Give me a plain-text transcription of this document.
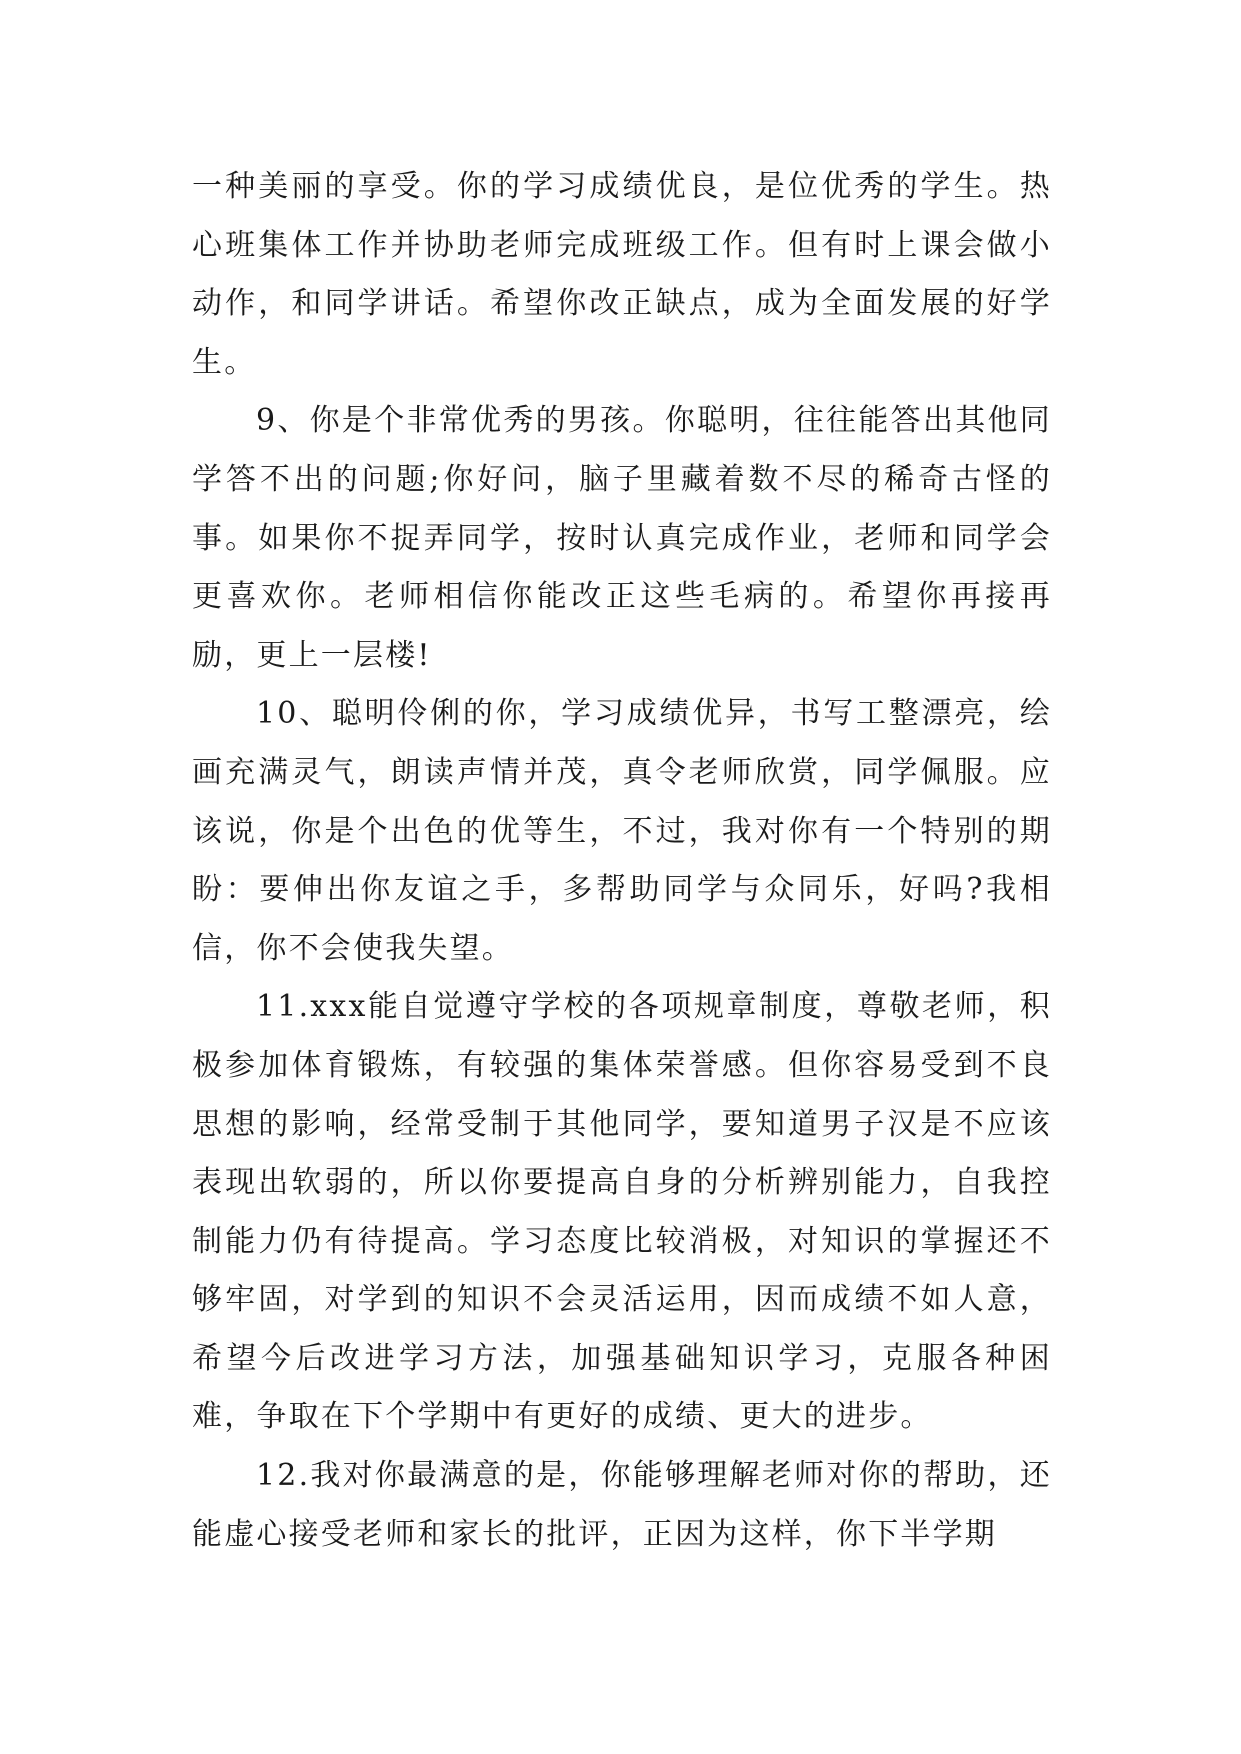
一种美丽的享受。你的学习成绩优良，是位优秀的学生。热心班集体工作并协助老师完成班级工作。但有时上课会做小动作，和同学讲话。希望你改正缺点，成为全面发展的好学生。

9、你是个非常优秀的男孩。你聪明，往往能答出其他同学答不出的问题;你好问，脑子里藏着数不尽的稀奇古怪的事。如果你不捉弄同学，按时认真完成作业，老师和同学会更喜欢你。老师相信你能改正这些毛病的。希望你再接再励，更上一层楼!

10、聪明伶俐的你，学习成绩优异，书写工整漂亮，绘画充满灵气，朗读声情并茂，真令老师欣赏，同学佩服。应该说，你是个出色的优等生，不过，我对你有一个特别的期盼：要伸出你友谊之手，多帮助同学与众同乐，好吗?我相信，你不会使我失望。

11.xxx能自觉遵守学校的各项规章制度，尊敬老师，积极参加体育锻炼，有较强的集体荣誉感。但你容易受到不良思想的影响，经常受制于其他同学，要知道男子汉是不应该表现出软弱的，所以你要提高自身的分析辨别能力，自我控制能力仍有待提高。学习态度比较消极，对知识的掌握还不够牢固，对学到的知识不会灵活运用，因而成绩不如人意，希望今后改进学习方法，加强基础知识学习，克服各种困难，争取在下个学期中有更好的成绩、更大的进步。

12.我对你最满意的是，你能够理解老师对你的帮助，还能虚心接受老师和家长的批评，正因为这样，你下半学期
